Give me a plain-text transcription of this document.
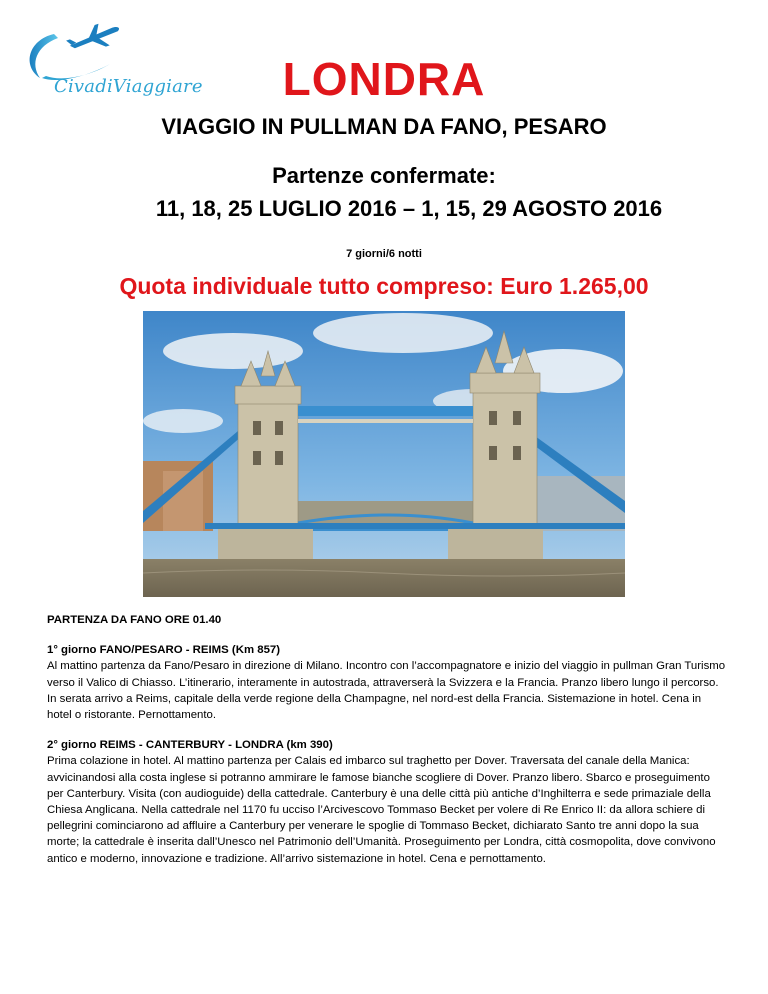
CivadiViaggiare	LONDRA
VIAGGIO IN PULLMAN DA FANO, PESARO
Partenze confermate:
11, 18, 25 LUGLIO 2016 – 1, 15, 29 AGOSTO 2016
7 giorni/6 notti
Quota individuale tutto compreso: Euro 1.265,00

PARTENZA DA FANO ORE 01.40

1° giorno FANO/PESARO - REIMS (Km 857)
Al mattino partenza da Fano/Pesaro in direzione di Milano. Incontro con l’accompagnatore e inizio del viaggio in pullman Gran Turismo verso il Valico di Chiasso. L’itinerario, interamente in autostrada, attraverserà la Svizzera e la Francia. Pranzo libero lungo il percorso. In serata arrivo a Reims, capitale della verde regione della Champagne, nel nord-est della Francia. Sistemazione in hotel. Cena in hotel o ristorante. Pernottamento.

2° giorno REIMS - CANTERBURY - LONDRA (km 390)
Prima colazione in hotel. Al mattino partenza per Calais ed imbarco sul traghetto per Dover. Traversata del canale della Manica: avvicinandosi alla costa inglese si potranno ammirare le famose bianche scogliere di Dover. Pranzo libero. Sbarco e proseguimento per Canterbury. Visita (con audioguide) della cattedrale. Canterbury è una delle città più antiche d’Inghilterra e sede primaziale della Chiesa Anglicana. Nella cattedrale nel 1170 fu ucciso l’Arcivescovo Tommaso Becket per volere di Re Enrico II: da allora schiere di pellegrini cominciarono ad affluire a Canterbury per venerare le spoglie di Tommaso Becket, dichiarato Santo tre anni dopo la sua morte; la cattedrale è inserita dall’Unesco nel Patrimonio dell’Umanità. Proseguimento per Londra, città cosmopolita, dove convivono antico e moderno, innovazione e tradizione. All’arrivo sistemazione in hotel. Cena e pernottamento.
